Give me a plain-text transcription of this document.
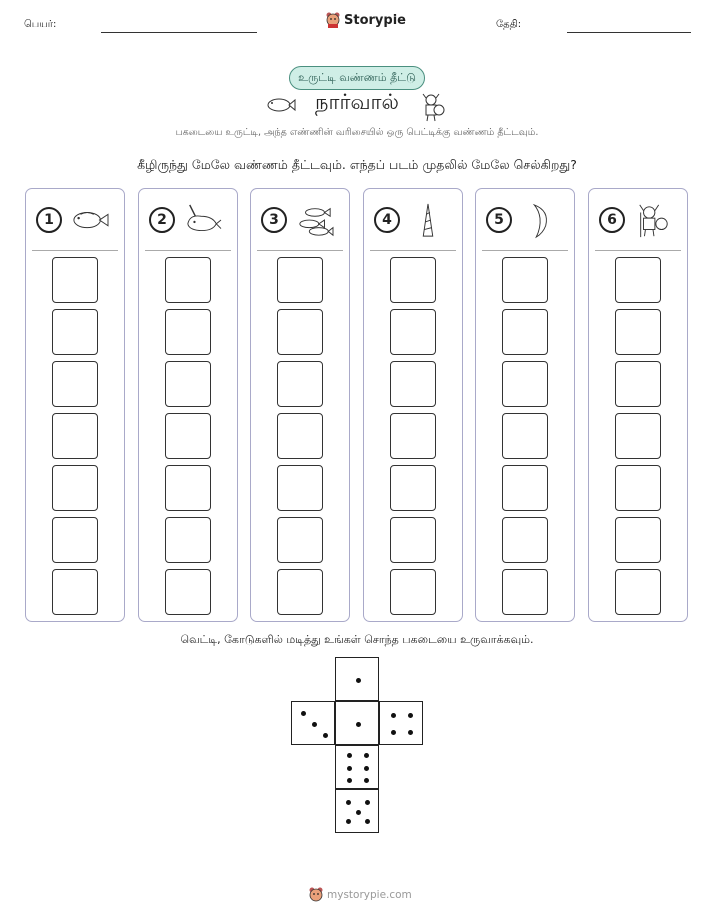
பெயர்:	Storypie	தேதி:
உருட்டி வண்ணம் தீட்டு
நார்வால்
பகடையை உருட்டி, அந்த எண்ணின் வரிசையில் ஒரு பெட்டிக்கு வண்ணம் தீட்டவும்.
கீழிருந்து மேலே வண்ணம் தீட்டவும். எந்தப் படம் முதலில் மேலே செல்கிறது?
1	2	3	4	5	6
வெட்டி, கோடுகளில் மடித்து உங்கள் சொந்த பகடையை உருவாக்கவும்.
mystorypie.com
